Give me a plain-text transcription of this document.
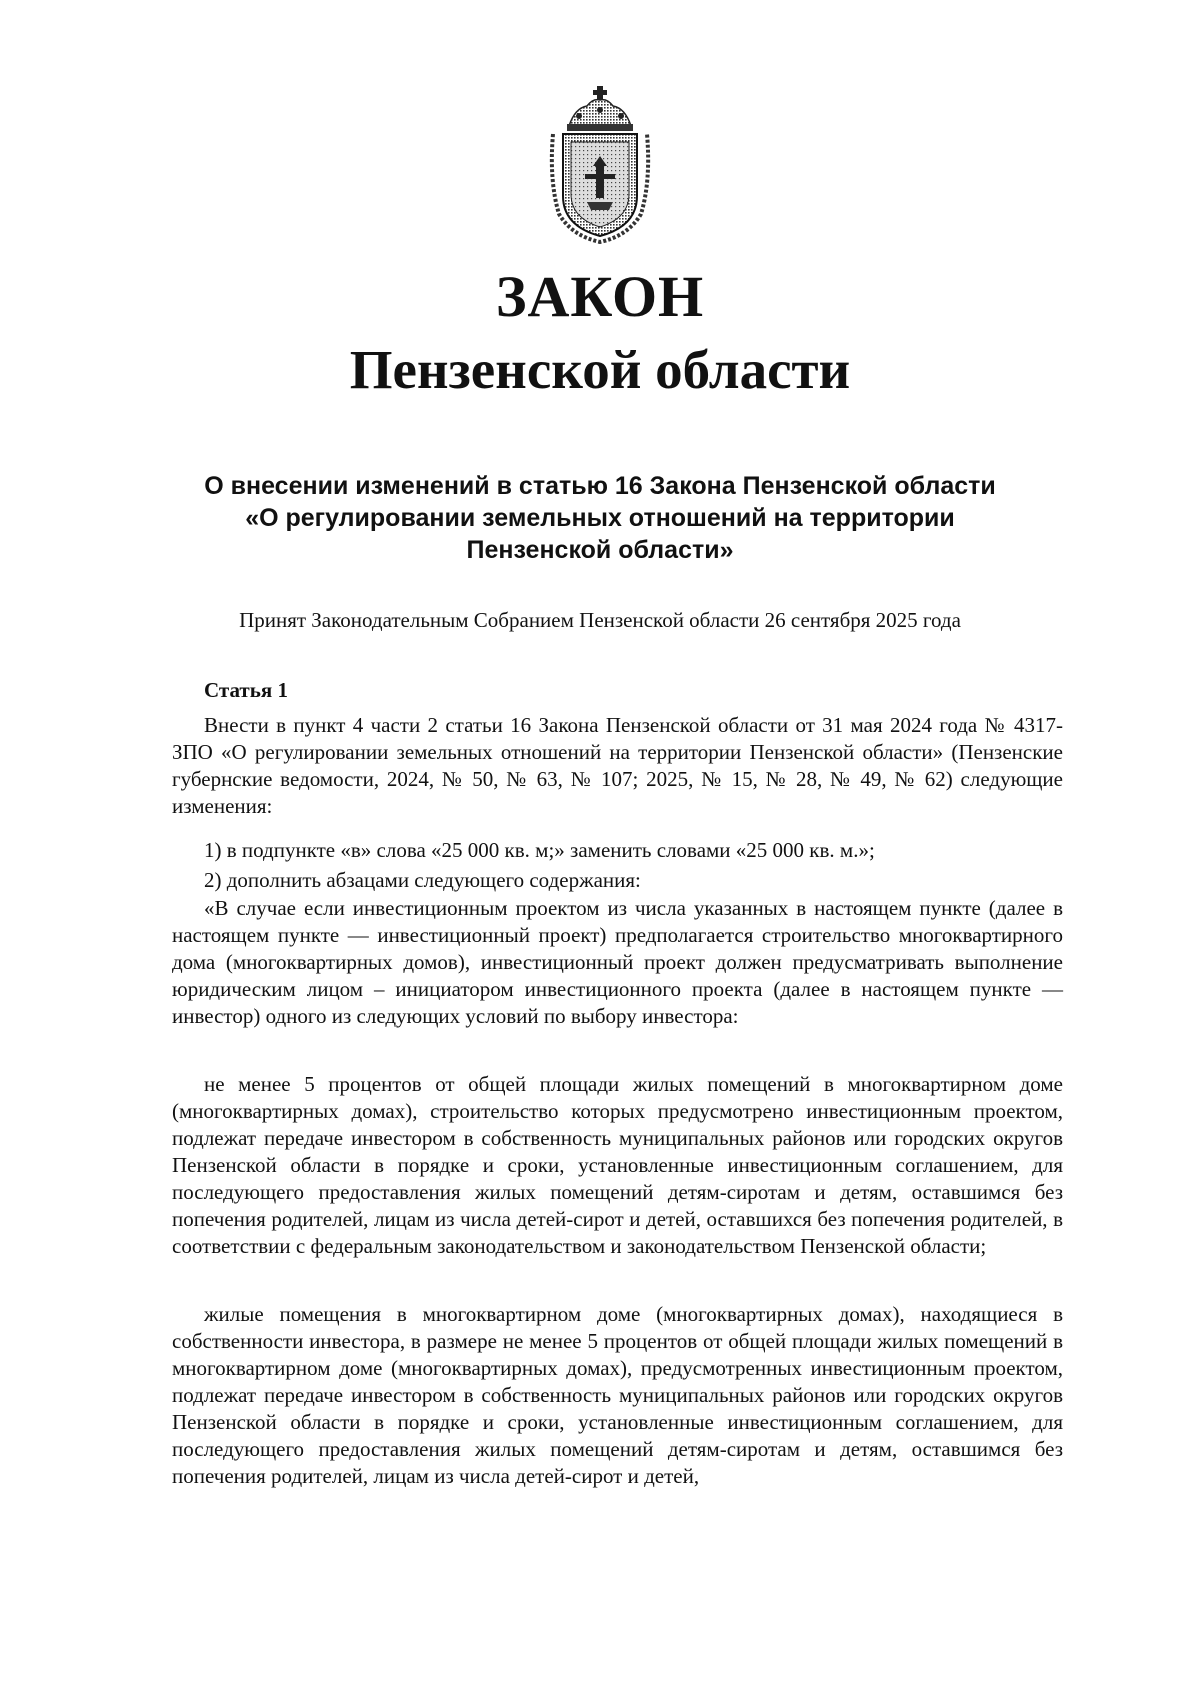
ЗАКОН
Пензенской области
О внесении изменений в статью 16 Закона Пензенской области
«О регулировании земельных отношений на территории
Пензенской области»

Принят Законодательным Собранием Пензенской области 26 сентября 2025 года

Статья 1

Внести в пункт 4 части 2 статьи 16 Закона Пензенской области от 31 мая 2024 года № 4317-ЗПО «О регулировании земельных отношений на территории Пензенской области» (Пензенские губернские ведомости, 2024, № 50, № 63, № 107; 2025, № 15, № 28, № 49, № 62) следующие изменения:

1) в подпункте «в» слова «25 000 кв. м;» заменить словами «25 000 кв. м.»;

2) дополнить абзацами следующего содержания:

«В случае если инвестиционным проектом из числа указанных в настоящем пункте (далее в настоящем пункте — инвестиционный проект) предполагается строительство многоквартирного дома (многоквартирных домов), инвестиционный проект должен предусматривать выполнение юридическим лицом – инициатором инвестиционного проекта (далее в настоящем пункте — инвестор) одного из следующих условий по выбору инвестора:

не менее 5 процентов от общей площади жилых помещений в многоквартирном доме (многоквартирных домах), строительство которых предусмотрено инвестиционным проектом, подлежат передаче инвестором в собственность муниципальных районов или городских округов Пензенской области в порядке и сроки, установленные инвестиционным соглашением, для последующего предоставления жилых помещений детям-сиротам и детям, оставшимся без попечения родителей, лицам из числа детей-сирот и детей, оставшихся без попечения родителей, в соответствии с федеральным законодательством и законодательством Пензенской области;

жилые помещения в многоквартирном доме (многоквартирных домах), находящиеся в собственности инвестора, в размере не менее 5 процентов от общей площади жилых помещений в многоквартирном доме (многоквартирных домах), предусмотренных инвестиционным проектом, подлежат передаче инвестором в собственность муниципальных районов или городских округов Пензенской области в порядке и сроки, установленные инвестиционным соглашением, для последующего предоставления жилых помещений детям-сиротам и детям, оставшимся без попечения родителей, лицам из числа детей-сирот и детей,
